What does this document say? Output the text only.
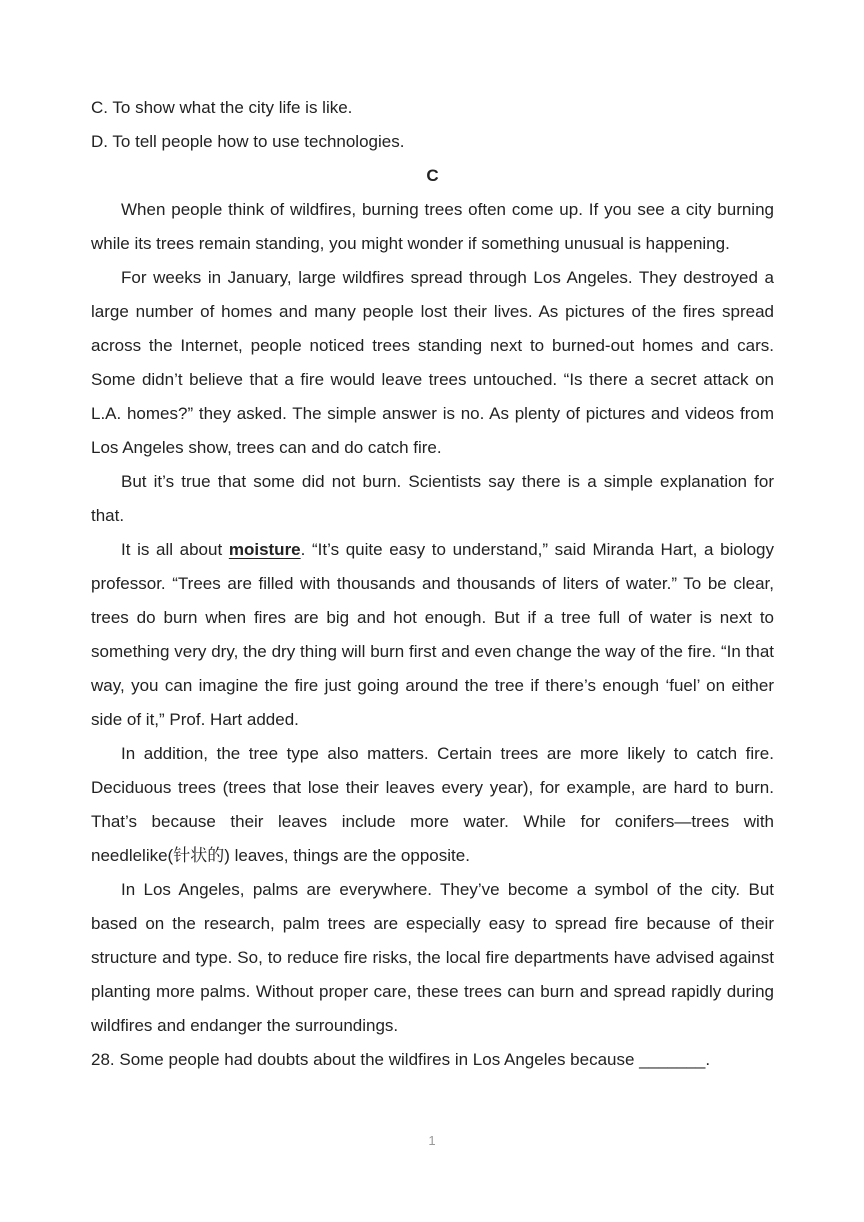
C. To show what the city life is like.

D. To tell people how to use technologies.

C

When people think of wildfires, burning trees often come up. If you see a city burning while its trees remain standing, you might wonder if something unusual is happening.

For weeks in January, large wildfires spread through Los Angeles. They destroyed a large number of homes and many people lost their lives. As pictures of the fires spread across the Internet, people noticed trees standing next to burned-out homes and cars. Some didn’t believe that a fire would leave trees untouched. “Is there a secret attack on L.A. homes?” they asked. The simple answer is no. As plenty of pictures and videos from Los Angeles show, trees can and do catch fire.

But it’s true that some did not burn. Scientists say there is a simple explanation for that.

It is all about moisture. “It’s quite easy to understand,” said Miranda Hart, a biology professor. “Trees are filled with thousands and thousands of liters of water.” To be clear, trees do burn when fires are big and hot enough. But if a tree full of water is next to something very dry, the dry thing will burn first and even change the way of the fire. “In that way, you can imagine the fire just going around the tree if there’s enough ‘fuel’ on either side of it,” Prof. Hart added.

In addition, the tree type also matters. Certain trees are more likely to catch fire. Deciduous trees (trees that lose their leaves every year), for example, are hard to burn. That’s because their leaves include more water. While for conifers—trees with needlelike(针状的) leaves, things are the opposite.

In Los Angeles, palms are everywhere. They’ve become a symbol of the city. But based on the research, palm trees are especially easy to spread fire because of their structure and type. So, to reduce fire risks, the local fire departments have advised against planting more palms. Without proper care, these trees can burn and spread rapidly during wildfires and endanger the surroundings.

28. Some people had doubts about the wildfires in Los Angeles because _______.

1
